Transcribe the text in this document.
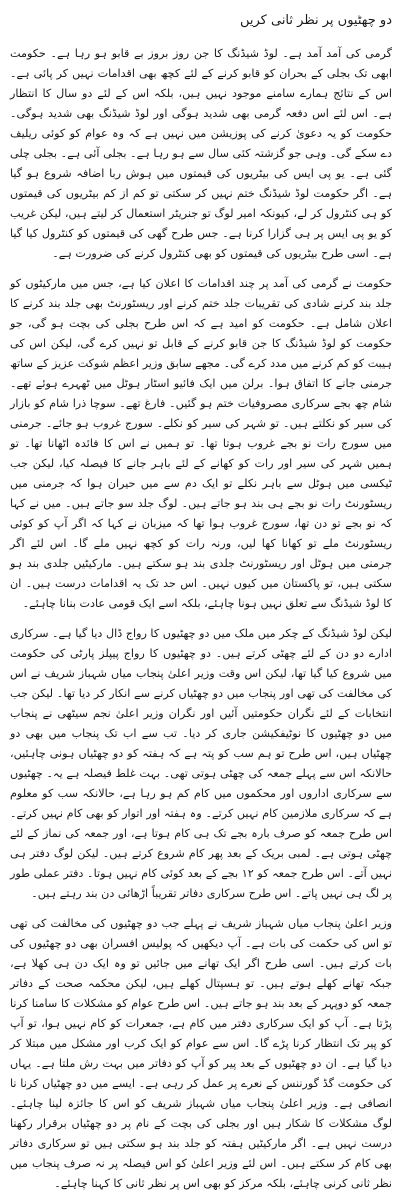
دو چھٹیوں پر نظر ثانی کریں

گرمی کی آمد آمد ہے۔ لوڈ شیڈنگ کا جن روز بروز بے قابو ہو رہا ہے۔ حکومت ابھی تک بجلی کے بحران کو قابو کرنے کے لئے کچھ بھی اقدامات نہیں کر پائی ہے۔ اس کے نتائج ہمارے سامنے موجود نہیں ہیں، بلکہ اس کے لئے دو سال کا انتظار ہے۔ اس لئے اس دفعہ گرمی بھی شدید ہوگی اور لوڈ شیڈنگ بھی شدید ہوگی۔ حکومت کو یہ دعویٰ کرنے کی پوزیشن میں نہیں ہے کہ وہ عوام کو کوئی ریلیف دے سکے گی۔ وہی جو گزشتہ کئی سال سے ہو رہا ہے۔ بجلی آئی ہے۔ بجلی چلی گئی ہے۔ یو پی ایس کی بیٹریوں کی قیمتوں میں ہوش ربا اضافہ شروع ہو گیا ہے۔ اگر حکومت لوڈ شیڈنگ ختم نہیں کر سکتی تو کم از کم بیٹریوں کی قیمتوں کو ہی کنٹرول کر لے، کیونکہ امیر لوگ تو جنریٹر استعمال کر لیتے ہیں، لیکن غریب کو یو پی ایس پر ہی گزارا کرنا ہے۔ جس طرح گھی کی قیمتوں کو کنٹرول کیا گیا ہے۔ اسی طرح بیٹریوں کی قیمتوں کو بھی کنٹرول کرنے کی ضرورت ہے۔

حکومت نے گرمی کی آمد پر چند اقدامات کا اعلان کیا ہے، جس میں مارکیٹوں کو جلد بند کرنے شادی کی تقریبات جلد ختم کرنے اور ریسٹورنٹ بھی جلد بند کرنے کا اعلان شامل ہے۔ حکومت کو امید ہے کہ اس طرح بجلی کی بچت ہو گی، جو حکومت کو لوڈ شیڈنگ کا جن قابو کرنے کے قابل تو نہیں کرے گی، لیکن اس کی ہیبت کو کم کرنے میں مدد کرے گی۔ مجھے سابق وزیر اعظم شوکت عزیز کے ساتھ جرمنی جانے کا اتفاق ہوا۔ برلن میں ایک فائیو اسٹار ہوٹل میں ٹھہرے ہوئے تھے۔ شام چھ بجے سرکاری مصروفیات ختم ہو گئیں۔ فارغ تھے۔ سوچا ذرا شام کو بازار کی سیر کو نکلتے ہیں۔ تو شہر کی سیر کو نکلے۔ سورج غروب ہو جائے۔ جرمنی میں سورج رات نو بجے غروب ہوتا تھا۔ تو ہمیں نے اس کا فائدہ اٹھانا تھا۔ تو ہمیں شہر کی سیر اور رات کو کھانے کے لئے باہر جانے کا فیصلہ کیا، لیکن جب ٹیکسی میں ہوٹل سے باہر نکلے تو ایک دم سے میں حیران ہوا کہ جرمنی میں ریسٹورنٹ رات نو بجے ہی بند ہو جاتے ہیں۔ لوگ جلد سو جاتے ہیں۔ میں نے کہا کہ نو بجے تو دن تھا، سورج غروب ہوا تھا کہ میزبان نے کہا کہ اگر آپ کو کوئی ریسٹورنٹ ملے تو کھانا کھا لیں، ورنہ رات کو کچھ نہیں ملے گا۔ اس لئے اگر جرمنی میں ہوٹل اور ریسٹورنٹ جلدی بند ہو سکتے ہیں۔ مارکیٹیں جلدی بند ہو سکتی ہیں، تو پاکستان میں کیوں نہیں۔ اس حد تک یہ اقدامات درست ہیں۔ ان کا لوڈ شیڈنگ سے تعلق نہیں ہونا چاہئے، بلکہ اسے ایک قومی عادت بنانا چاہئے۔

لیکن لوڈ شیڈنگ کے چکر میں ملک میں دو چھٹیوں کا رواج ڈال دیا گیا ہے۔ سرکاری ادارے دو دن کے لئے چھٹی کرتے ہیں۔ دو چھٹیوں کا رواج پیپلز پارٹی کی حکومت میں شروع کیا گیا تھا، لیکن اس وقت وزیر اعلیٰ پنجاب میاں شہباز شریف نے اس کی مخالفت کی تھی اور پنجاب میں دو چھٹیاں کرنے سے انکار کر دیا تھا۔ لیکن جب انتخابات کے لئے نگران حکومتیں آئیں اور نگران وزیر اعلیٰ نجم سیٹھی نے پنجاب میں دو چھٹیوں کا نوٹیفکیشن جاری کر دیا۔ تب سے اب تک پنجاب میں بھی دو چھٹیاں ہیں، اس طرح تو ہم سب کو پتہ ہے کہ ہفتہ کو دو چھٹیاں ہونی چاہئیں، حالانکہ اس سے پہلے جمعہ کی چھٹی ہوتی تھی۔ بہت غلط فیصلہ ہے یہ۔ چھٹیوں سے سرکاری اداروں اور محکموں میں کام کم ہو رہا ہے، حالانکہ سب کو معلوم ہے کہ سرکاری ملازمین کام نہیں کرتے۔ وہ ہفتہ اور اتوار کو بھی کام نہیں کرتے۔ اس طرح جمعہ کو صرف بارہ بجے تک ہی کام ہوتا ہے، اور جمعہ کی نماز کے لئے چھٹی ہوتی ہے۔ لمبی بریک کے بعد پھر کام شروع کرتے ہیں۔ لیکن لوگ دفتر ہی نہیں آتے۔ اس طرح جمعہ کو ۱۲ بجے کے بعد کوئی کام نہیں ہوتا۔ دفتر عملی طور پر لگ ہی نہیں پاتے۔ اس طرح سرکاری دفاتر تقریباً اڑھائی دن بند رہتے ہیں۔

وزیر اعلیٰ پنجاب میاں شہباز شریف نے پہلے جب دو چھٹیوں کی مخالفت کی تھی تو اس کی حکمت کی بات ہے۔ آپ دیکھیں کہ پولیس افسران بھی دو چھٹیوں کی بات کرتے ہیں۔ اسی طرح اگر ایک تھانے میں جائیں تو وہ ایک دن ہی کھلا ہے، جبکہ تھانے کھلے ہوتے ہیں۔ تو ہسپتال کھلے ہیں، لیکن محکمہ صحت کے دفاتر جمعہ کو دوپہر کے بعد بند ہو جاتے ہیں۔ اس طرح عوام کو مشکلات کا سامنا کرنا پڑتا ہے۔ آپ کو ایک سرکاری دفتر میں کام ہے، جمعرات کو کام نہیں ہوا، تو آپ کو پیر تک انتظار کرنا پڑے گا۔ اس سے عوام کو ایک کرب اور مشکل میں مبتلا کر دیا گیا ہے۔ ان دو چھٹیوں کے بعد پیر کو آپ کو دفاتر میں بہت رش ملتا ہے۔ یہاں کی حکومت گڈ گورننس کے نعرے پر عمل کر رہی ہے۔ ایسے میں دو چھٹیاں کرنا نا انصافی ہے۔ وزیر اعلیٰ پنجاب میاں شہباز شریف کو اس کا جائزہ لینا چاہئے۔ لوگ مشکلات کا شکار ہیں اور بجلی کی بچت کے نام پر دو چھٹیاں برقرار رکھنا درست نہیں ہے۔ اگر مارکیٹیں ہفتہ کو جلد بند ہو سکتی ہیں تو سرکاری دفاتر بھی کام کر سکتے ہیں۔ اس لئے وزیر اعلیٰ کو اس فیصلہ پر نہ صرف پنجاب میں نظر ثانی کرنی چاہئے، بلکہ مرکز کو بھی اس پر نظر ثانی کا کہنا چاہئے۔
